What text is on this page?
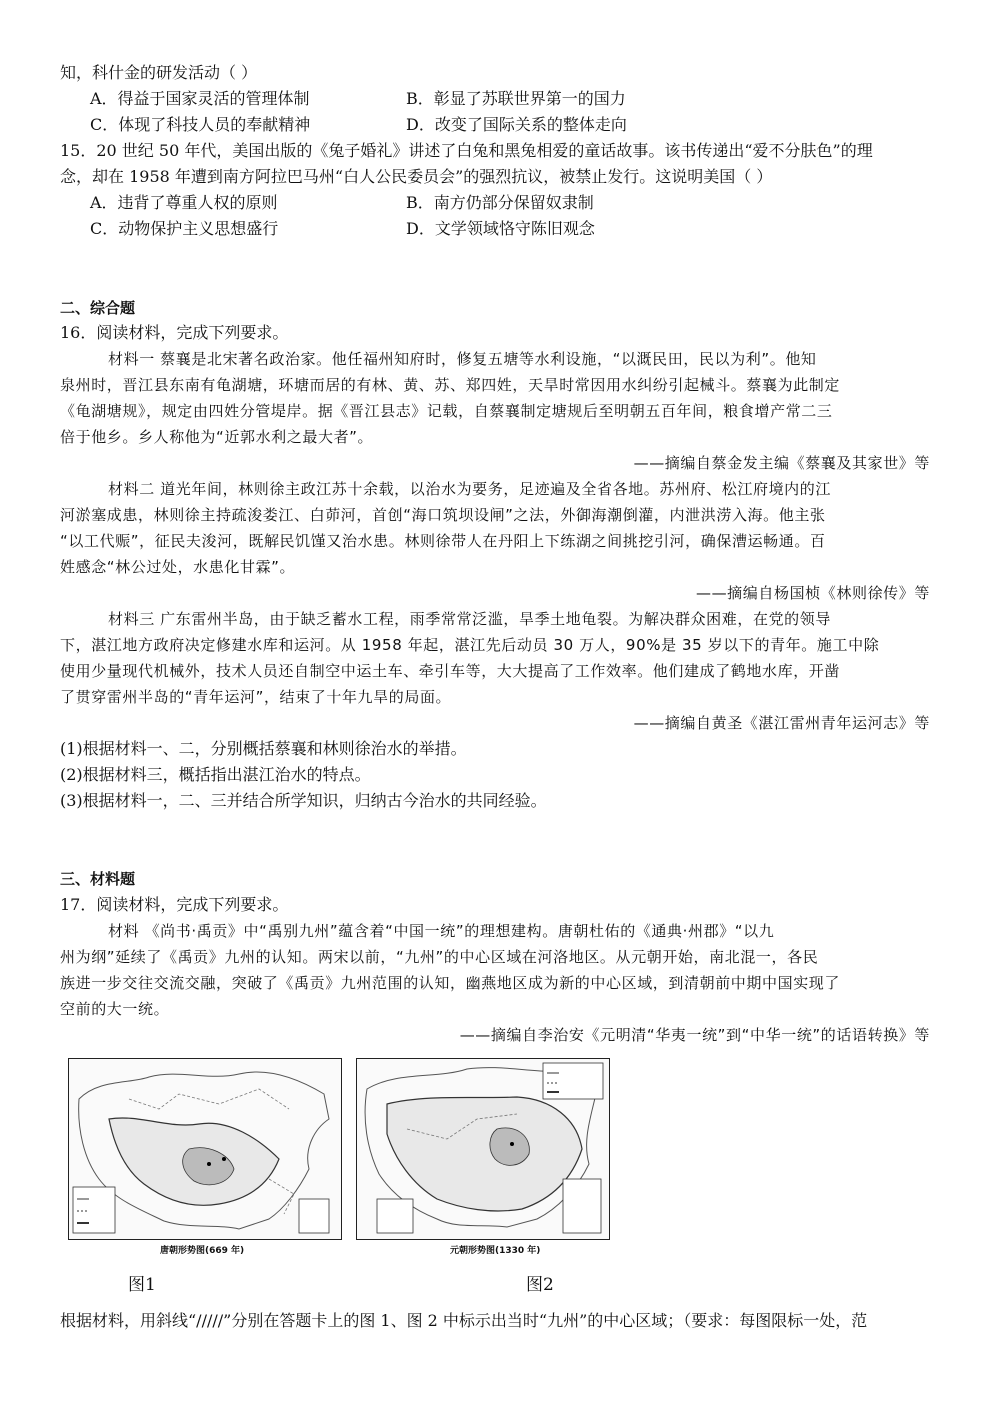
知，科什金的研发活动（ ）
A．得益于国家灵活的管理体制	B．彰显了苏联世界第一的国力
C．体现了科技人员的奉献精神	D．改变了国际关系的整体走向
15．20 世纪 50 年代，美国出版的《兔子婚礼》讲述了白兔和黑兔相爱的童话故事。该书传递出“爱不分肤色”的理
念，却在 1958 年遭到南方阿拉巴马州“白人公民委员会”的强烈抗议，被禁止发行。这说明美国（ ）
A．违背了尊重人权的原则	B．南方仍部分保留奴隶制
C．动物保护主义思想盛行	D．文学领域恪守陈旧观念
二、综合题
16．阅读材料，完成下列要求。
材料一 蔡襄是北宋著名政治家。他任福州知府时，修复五塘等水利设施，“以溉民田，民以为利”。他知
泉州时，晋江县东南有龟湖塘，环塘而居的有林、黄、苏、郑四姓，天旱时常因用水纠纷引起械斗。蔡襄为此制定
《龟湖塘规》，规定由四姓分管堤岸。据《晋江县志》记载，自蔡襄制定塘规后至明朝五百年间，粮食增产常二三
倍于他乡。乡人称他为“近郭水利之最大者”。
——摘编自蔡金发主编《蔡襄及其家世》等
材料二 道光年间，林则徐主政江苏十余载，以治水为要务，足迹遍及全省各地。苏州府、松江府境内的江
河淤塞成患，林则徐主持疏浚娄江、白茆河，首创“海口筑坝设闸”之法，外御海潮倒灌，内泄洪涝入海。他主张
“以工代赈”，征民夫浚河，既解民饥馑又治水患。林则徐带人在丹阳上下练湖之间挑挖引河，确保漕运畅通。百
姓感念“林公过处，水患化甘霖”。
——摘编自杨国桢《林则徐传》等
材料三 广东雷州半岛，由于缺乏蓄水工程，雨季常常泛滥，旱季土地龟裂。为解决群众困难，在党的领导
下，湛江地方政府决定修建水库和运河。从 1958 年起，湛江先后动员 30 万人，90%是 35 岁以下的青年。施工中除
使用少量现代机械外，技术人员还自制空中运土车、牵引车等，大大提高了工作效率。他们建成了鹤地水库，开凿
了贯穿雷州半岛的“青年运河”，结束了十年九旱的局面。
——摘编自黄圣《湛江雷州青年运河志》等
(1)根据材料一、二，分别概括蔡襄和林则徐治水的举措。
(2)根据材料三，概括指出湛江治水的特点。
(3)根据材料一，二、三并结合所学知识，归纳古今治水的共同经验。
三、材料题
17．阅读材料，完成下列要求。
材料 《尚书·禹贡》中“禹别九州”蕴含着“中国一统”的理想建构。唐朝杜佑的《通典·州郡》“以九
州为纲”延续了《禹贡》九州的认知。两宋以前，“九州”的中心区域在河洛地区。从元朝开始，南北混一，各民
族进一步交往交流交融，突破了《禹贡》九州范围的认知，幽燕地区成为新的中心区域，到清朝前中期中国实现了
空前的大一统。
——摘编自李治安《元明清“华夷一统”到“中华一统”的话语转换》等
唐朝形势图(669 年)	元朝形势图(1330 年)
图1	图2
根据材料，用斜线“/////”分别在答题卡上的图 1、图 2 中标示出当时“九州”的中心区域；（要求：每图限标一处，范
